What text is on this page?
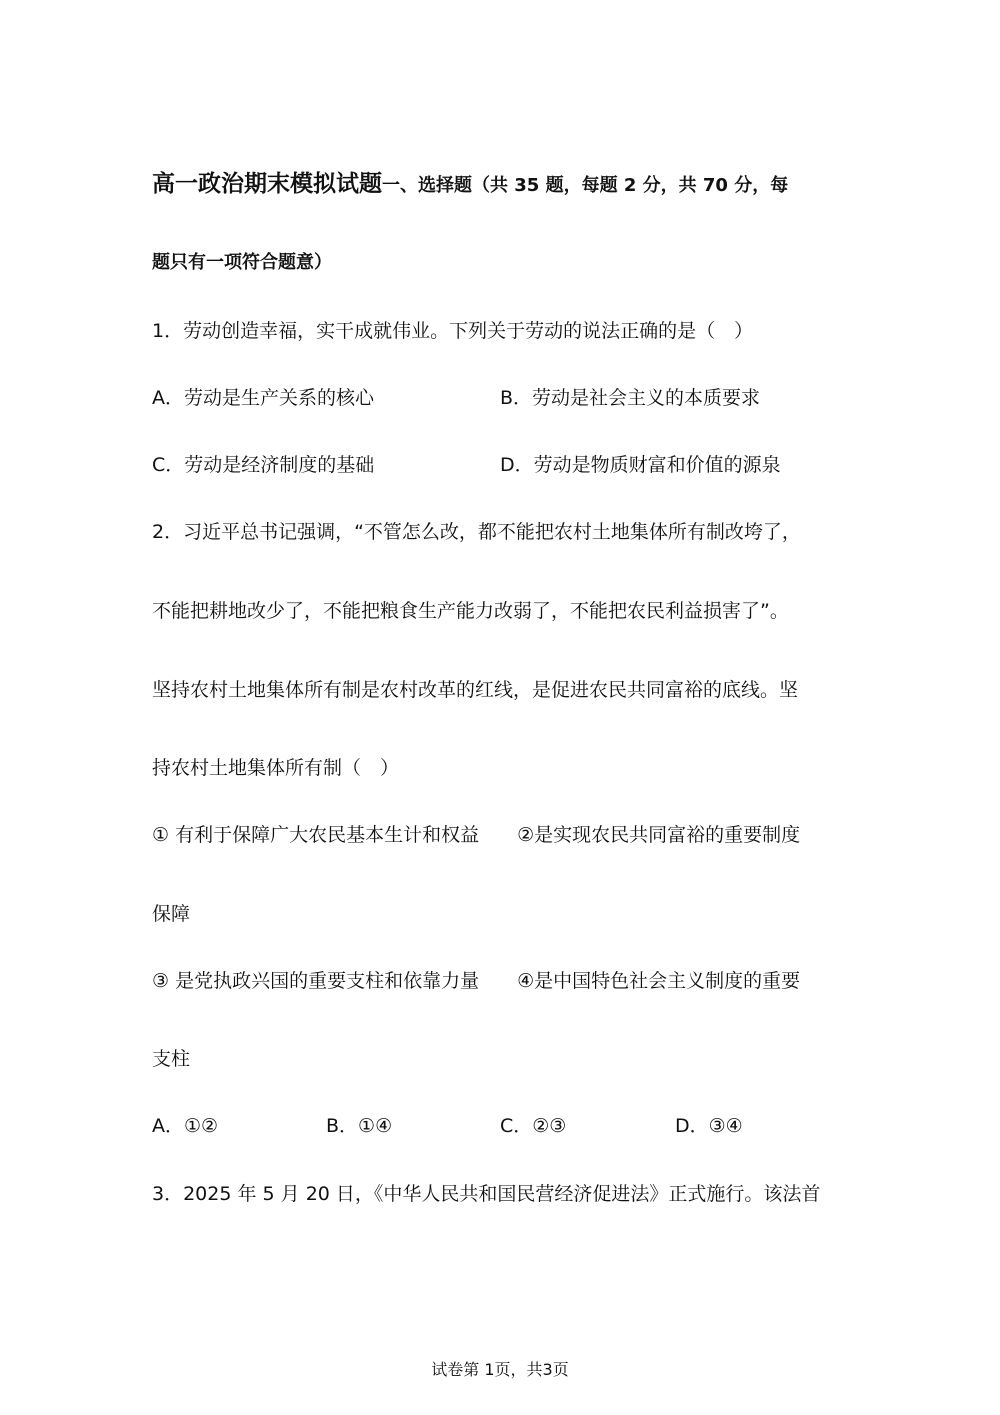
高一政治期末模拟试题一、选择题（共 35 题，每题 2 分，共 70 分，每
题只有一项符合题意）
1．劳动创造幸福，实干成就伟业。下列关于劳动的说法正确的是（　）
A．劳动是生产关系的核心	B．劳动是社会主义的本质要求
C．劳动是经济制度的基础	D．劳动是物质财富和价值的源泉
2．习近平总书记强调，“不管怎么改，都不能把农村土地集体所有制改垮了，
不能把耕地改少了，不能把粮食生产能力改弱了，不能把农民利益损害了”。
坚持农村土地集体所有制是农村改革的红线，是促进农民共同富裕的底线。坚
持农村土地集体所有制（　）
① 有利于保障广大农民基本生计和权益　　②是实现农民共同富裕的重要制度
保障
③ 是党执政兴国的重要支柱和依靠力量　　④是中国特色社会主义制度的重要
支柱
A．①②	B．①④	C．②③	D．③④
3．2025 年 5 月 20 日，《中华人民共和国民营经济促进法》正式施行。该法首
试卷第 1页，共3页
